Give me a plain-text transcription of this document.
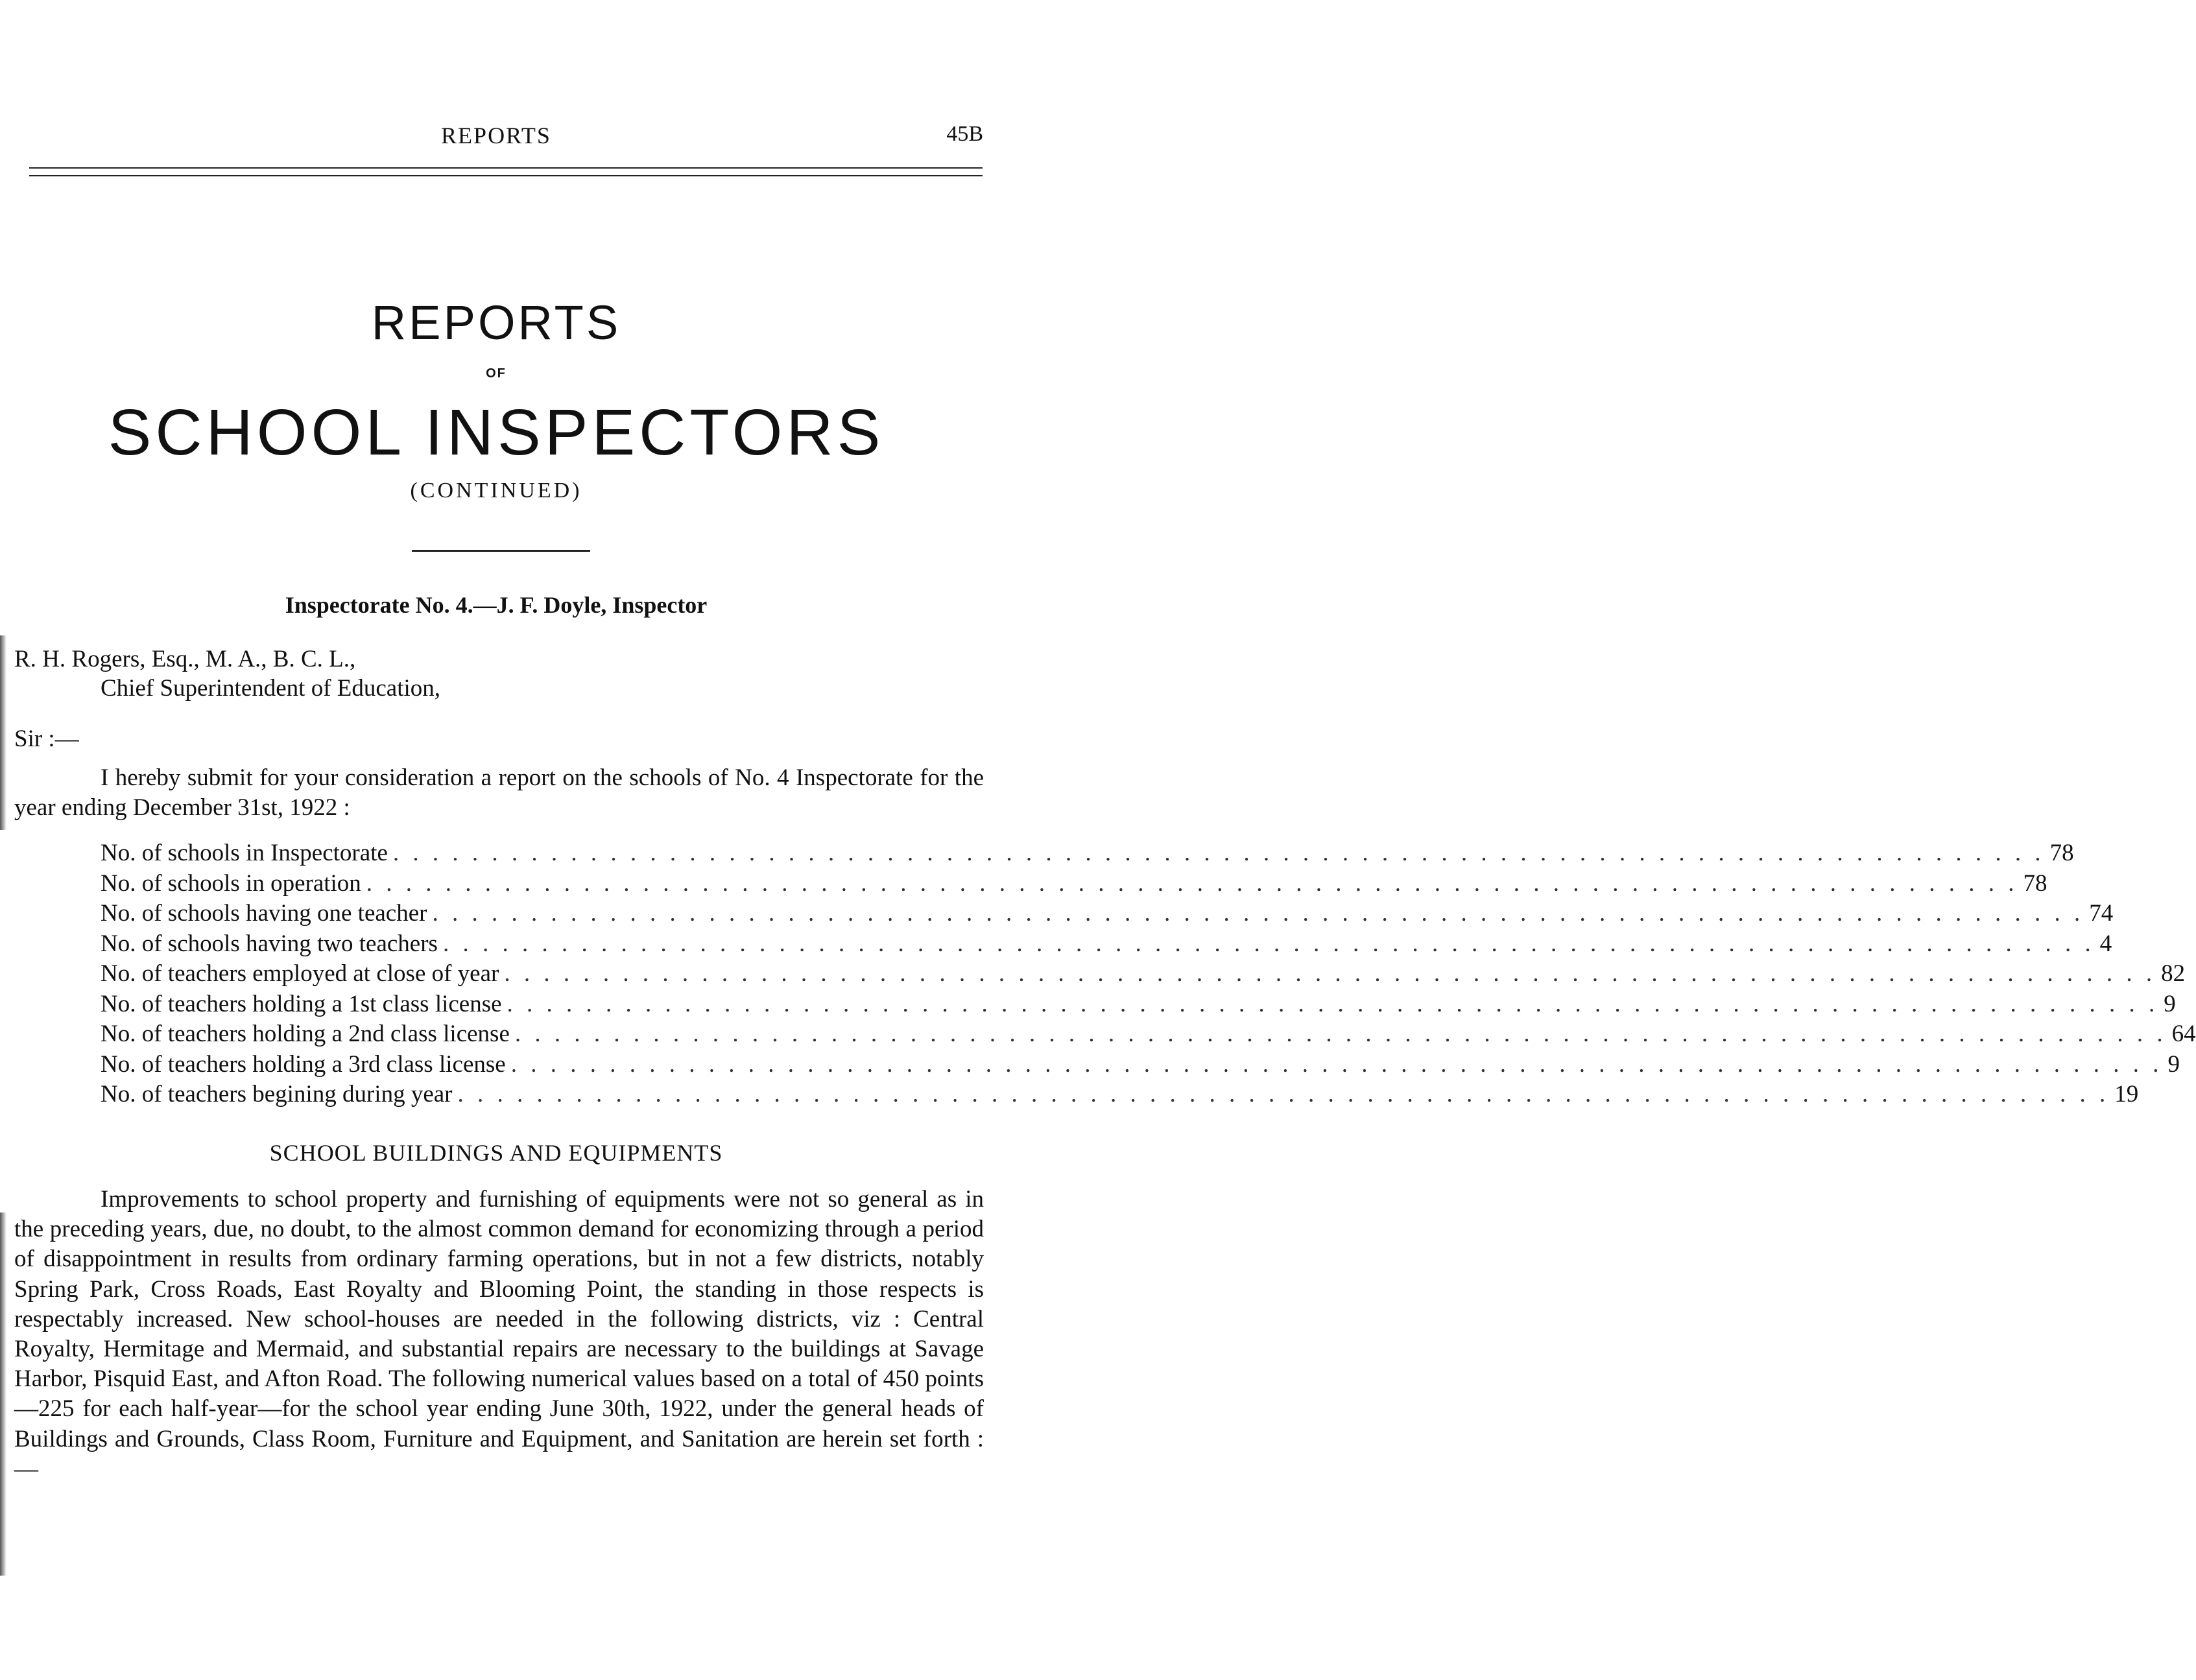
REPORTS	45B
REPORTS
OF
SCHOOL INSPECTORS
(CONTINUED)
Inspectorate No. 4.—J. F. Doyle, Inspector
R. H. Rogers, Esq., M. A., B. C. L.,
Chief Superintendent of Education,
Sir :—
I hereby submit for your consideration a report on the schools of No. 4 Inspectorate for the year ending December 31st, 1922 :
No. of schools in Inspectorate . . . . . . . . . . . . . . . . . . . . . . . . . . . . . . . . . . . . . . . . . . . . . . . . . . . . . . . . . . . . . . . . . . . . . . . . . . . . . . . . . . . . 78
No. of schools in operation . . . . . . . . . . . . . . . . . . . . . . . . . . . . . . . . . . . . . . . . . . . . . . . . . . . . . . . . . . . . . . . . . . . . . . . . . . . . . . . . . . . . 78
No. of schools having one teacher . . . . . . . . . . . . . . . . . . . . . . . . . . . . . . . . . . . . . . . . . . . . . . . . . . . . . . . . . . . . . . . . . . . . . . . . . . . . . . . . . . . . 74
No. of schools having two teachers . . . . . . . . . . . . . . . . . . . . . . . . . . . . . . . . . . . . . . . . . . . . . . . . . . . . . . . . . . . . . . . . . . . . . . . . . . . . . . . . . . . . 4
No. of teachers employed at close of year . . . . . . . . . . . . . . . . . . . . . . . . . . . . . . . . . . . . . . . . . . . . . . . . . . . . . . . . . . . . . . . . . . . . . . . . . . . . . . . . . . . . 82
No. of teachers holding a 1st class license . . . . . . . . . . . . . . . . . . . . . . . . . . . . . . . . . . . . . . . . . . . . . . . . . . . . . . . . . . . . . . . . . . . . . . . . . . . . . . . . . . . . 9
No. of teachers holding a 2nd class license . . . . . . . . . . . . . . . . . . . . . . . . . . . . . . . . . . . . . . . . . . . . . . . . . . . . . . . . . . . . . . . . . . . . . . . . . . . . . . . . . . . . 64
No. of teachers holding a 3rd class license . . . . . . . . . . . . . . . . . . . . . . . . . . . . . . . . . . . . . . . . . . . . . . . . . . . . . . . . . . . . . . . . . . . . . . . . . . . . . . . . . . . . 9
No. of teachers begining during year . . . . . . . . . . . . . . . . . . . . . . . . . . . . . . . . . . . . . . . . . . . . . . . . . . . . . . . . . . . . . . . . . . . . . . . . . . . . . . . . . . . . 19
SCHOOL BUILDINGS AND EQUIPMENTS
Improvements to school property and furnishing of equipments were not so general as in the preceding years, due, no doubt, to the almost common demand for economizing through a period of disappointment in results from ordinary farming operations, but in not a few districts, notably Spring Park, Cross Roads, East Royalty and Blooming Point, the standing in those respects is respectably increased. New school-houses are needed in the following districts, viz : Central Royalty, Hermitage and Mermaid, and substantial repairs are necessary to the buildings at Savage Harbor, Pisquid East, and Afton Road. The following numerical values based on a total of 450 points—225 for each half-year—for the school year ending June 30th, 1922, under the general heads of Buildings and Grounds, Class Room, Furniture and Equipment, and Sanitation are herein set forth :—
